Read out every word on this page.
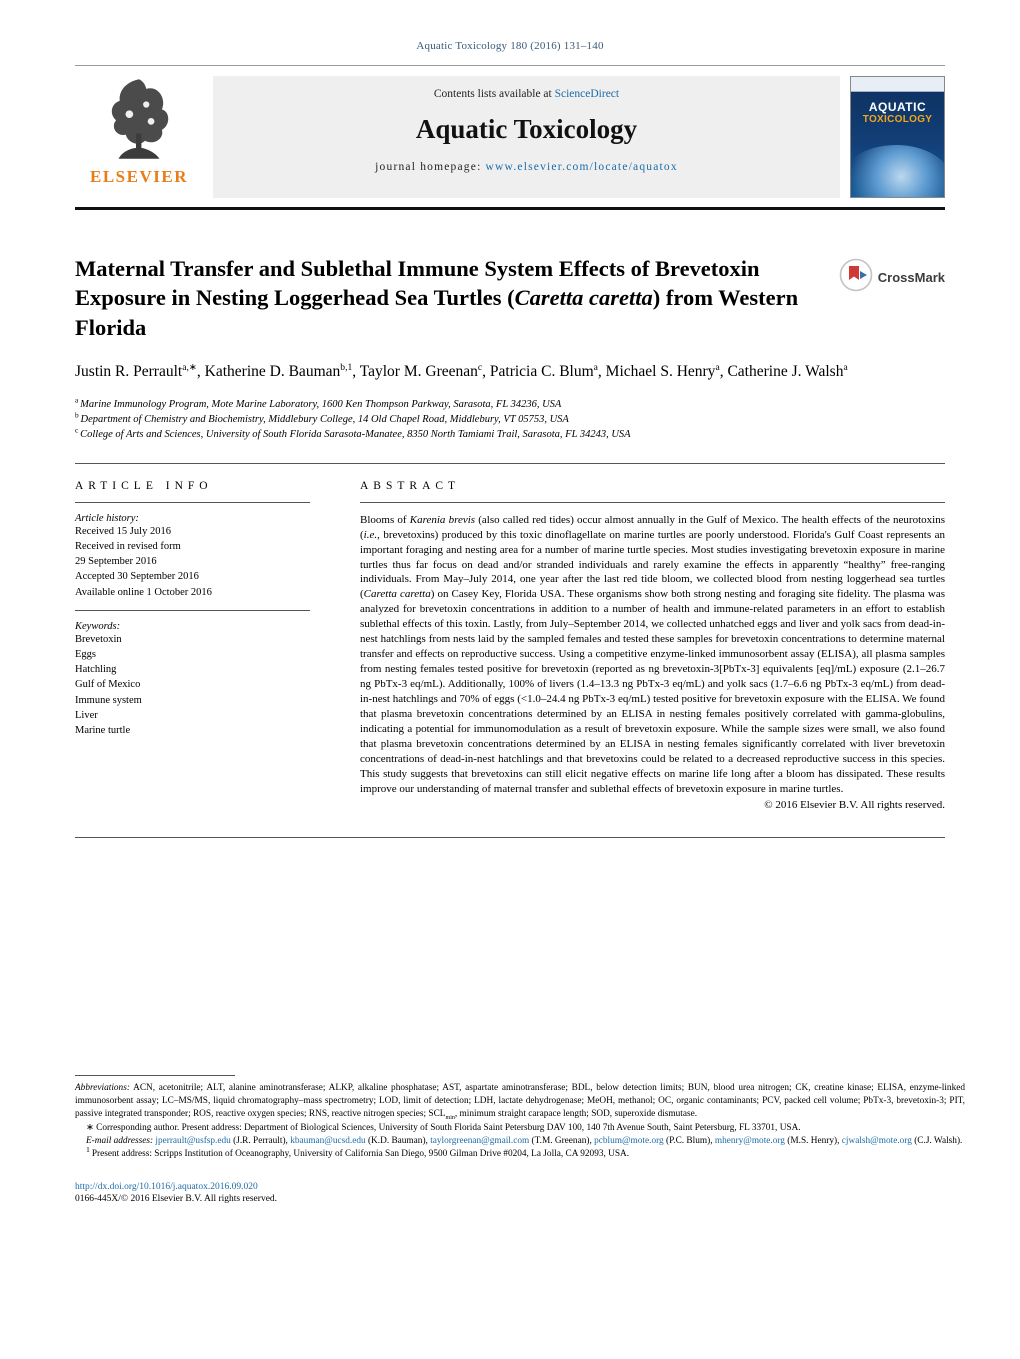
Aquatic Toxicology 180 (2016) 131–140
ELSEVIER
Contents lists available at ScienceDirect
Aquatic Toxicology
journal homepage: www.elsevier.com/locate/aquatox
AQUATIC
TOXICOLOGY
Maternal Transfer and Sublethal Immune System Effects of Brevetoxin Exposure in Nesting Loggerhead Sea Turtles (Caretta caretta) from Western Florida
CrossMark
Justin R. Perrault$^{a,∗}$, Katherine D. Bauman$^{b,1}$, Taylor M. Greenan$^c$, Patricia C. Blum$^a$, Michael S. Henry$^a$, Catherine J. Walsh$^a$
$^a$ Marine Immunology Program, Mote Marine Laboratory, 1600 Ken Thompson Parkway, Sarasota, FL 34236, USA
$^b$ Department of Chemistry and Biochemistry, Middlebury College, 14 Old Chapel Road, Middlebury, VT 05753, USA
$^c$ College of Arts and Sciences, University of South Florida Sarasota-Manatee, 8350 North Tamiami Trail, Sarasota, FL 34243, USA
ARTICLE INFO
Article history:
Received 15 July 2016
Received in revised form
29 September 2016
Accepted 30 September 2016
Available online 1 October 2016
Keywords:
Brevetoxin
Eggs
Hatchling
Gulf of Mexico
Immune system
Liver
Marine turtle
ABSTRACT
Blooms of Karenia brevis (also called red tides) occur almost annually in the Gulf of Mexico. The health effects of the neurotoxins (i.e., brevetoxins) produced by this toxic dinoflagellate on marine turtles are poorly understood. Florida's Gulf Coast represents an important foraging and nesting area for a number of marine turtle species. Most studies investigating brevetoxin exposure in marine turtles thus far focus on dead and/or stranded individuals and rarely examine the effects in apparently “healthy” free-ranging individuals. From May–July 2014, one year after the last red tide bloom, we collected blood from nesting loggerhead sea turtles (Caretta caretta) on Casey Key, Florida USA. These organisms show both strong nesting and foraging site fidelity. The plasma was analyzed for brevetoxin concentrations in addition to a number of health and immune-related parameters in an effort to establish sublethal effects of this toxin. Lastly, from July–September 2014, we collected unhatched eggs and liver and yolk sacs from dead-in-nest hatchlings from nests laid by the sampled females and tested these samples for brevetoxin concentrations to determine maternal transfer and effects on reproductive success. Using a competitive enzyme-linked immunosorbent assay (ELISA), all plasma samples from nesting females tested positive for brevetoxin (reported as ng brevetoxin-3[PbTx-3] equivalents [eq]/mL) exposure (2.1–26.7 ng PbTx-3 eq/mL). Additionally, 100% of livers (1.4–13.3 ng PbTx-3 eq/mL) and yolk sacs (1.7–6.6 ng PbTx-3 eq/mL) from dead-in-nest hatchlings and 70% of eggs (<1.0–24.4 ng PbTx-3 eq/mL) tested positive for brevetoxin exposure with the ELISA. We found that plasma brevetoxin concentrations determined by an ELISA in nesting females positively correlated with gamma-globulins, indicating a potential for immunomodulation as a result of brevetoxin exposure. While the sample sizes were small, we also found that plasma brevetoxin concentrations determined by an ELISA in nesting females significantly correlated with liver brevetoxin concentrations of dead-in-nest hatchlings and that brevetoxins could be related to a decreased reproductive success in this species. This study suggests that brevetoxins can still elicit negative effects on marine life long after a bloom has dissipated. These results improve our understanding of maternal transfer and sublethal effects of brevetoxin exposure in marine turtles.
© 2016 Elsevier B.V. All rights reserved.

Abbreviations: ACN, acetonitrile; ALT, alanine aminotransferase; ALKP, alkaline phosphatase; AST, aspartate aminotransferase; BDL, below detection limits; BUN, blood urea nitrogen; CK, creatine kinase; ELISA, enzyme-linked immunosorbent assay; LC–MS/MS, liquid chromatography–mass spectrometry; LOD, limit of detection; LDH, lactate dehydrogenase; MeOH, methanol; OC, organic contaminants; PCV, packed cell volume; PbTx-3, brevetoxin-3; PIT, passive integrated transponder; ROS, reactive oxygen species; RNS, reactive nitrogen species; $SCL_{min}$, minimum straight carapace length; SOD, superoxide dismutase.

∗ Corresponding author. Present address: Department of Biological Sciences, University of South Florida Saint Petersburg DAV 100, 140 7th Avenue South, Saint Petersburg, FL 33701, USA.

E-mail addresses: jperrault@usfsp.edu (J.R. Perrault), kbauman@ucsd.edu (K.D. Bauman), taylorgreenan@gmail.com (T.M. Greenan), pcblum@mote.org (P.C. Blum), mhenry@mote.org (M.S. Henry), cjwalsh@mote.org (C.J. Walsh).

$^1$ Present address: Scripps Institution of Oceanography, University of California San Diego, 9500 Gilman Drive #0204, La Jolla, CA 92093, USA.

http://dx.doi.org/10.1016/j.aquatox.2016.09.020
0166-445X/© 2016 Elsevier B.V. All rights reserved.
